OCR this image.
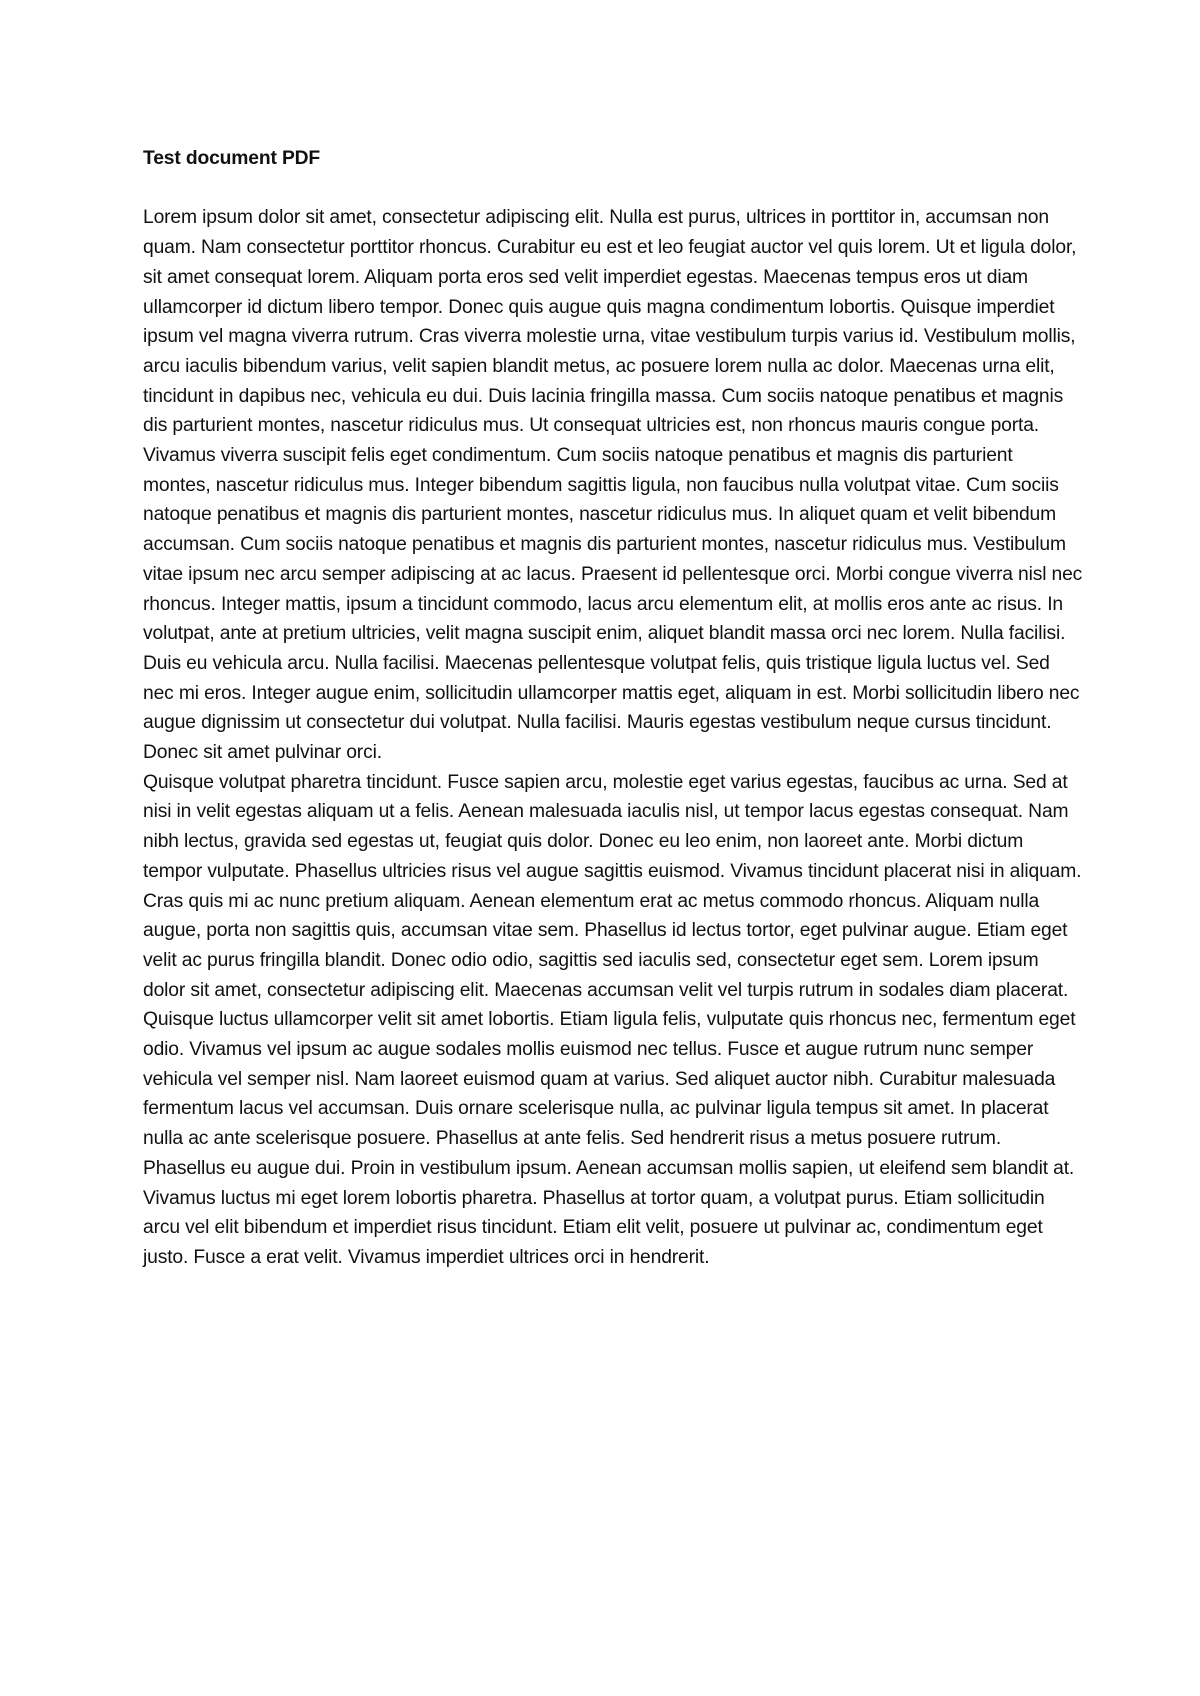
Test document PDF

Lorem ipsum dolor sit amet, consectetur adipiscing elit. Nulla est purus, ultrices in porttitor in, accumsan non quam. Nam consectetur porttitor rhoncus. Curabitur eu est et leo feugiat auctor vel quis lorem. Ut et ligula dolor, sit amet consequat lorem. Aliquam porta eros sed velit imperdiet egestas. Maecenas tempus eros ut diam ullamcorper id dictum libero tempor. Donec quis augue quis magna condimentum lobortis. Quisque imperdiet ipsum vel magna viverra rutrum. Cras viverra molestie urna, vitae vestibulum turpis varius id. Vestibulum mollis, arcu iaculis bibendum varius, velit sapien blandit metus, ac posuere lorem nulla ac dolor. Maecenas urna elit, tincidunt in dapibus nec, vehicula eu dui. Duis lacinia fringilla massa. Cum sociis natoque penatibus et magnis dis parturient montes, nascetur ridiculus mus. Ut consequat ultricies est, non rhoncus mauris congue porta. Vivamus viverra suscipit felis eget condimentum. Cum sociis natoque penatibus et magnis dis parturient montes, nascetur ridiculus mus. Integer bibendum sagittis ligula, non faucibus nulla volutpat vitae. Cum sociis natoque penatibus et magnis dis parturient montes, nascetur ridiculus mus. In aliquet quam et velit bibendum accumsan. Cum sociis natoque penatibus et magnis dis parturient montes, nascetur ridiculus mus. Vestibulum vitae ipsum nec arcu semper adipiscing at ac lacus. Praesent id pellentesque orci. Morbi congue viverra nisl nec rhoncus. Integer mattis, ipsum a tincidunt commodo, lacus arcu elementum elit, at mollis eros ante ac risus. In volutpat, ante at pretium ultricies, velit magna suscipit enim, aliquet blandit massa orci nec lorem. Nulla facilisi. Duis eu vehicula arcu. Nulla facilisi. Maecenas pellentesque volutpat felis, quis tristique ligula luctus vel. Sed nec mi eros. Integer augue enim, sollicitudin ullamcorper mattis eget, aliquam in est. Morbi sollicitudin libero nec augue dignissim ut consectetur dui volutpat. Nulla facilisi. Mauris egestas vestibulum neque cursus tincidunt. Donec sit amet pulvinar orci.

Quisque volutpat pharetra tincidunt. Fusce sapien arcu, molestie eget varius egestas, faucibus ac urna. Sed at nisi in velit egestas aliquam ut a felis. Aenean malesuada iaculis nisl, ut tempor lacus egestas consequat. Nam nibh lectus, gravida sed egestas ut, feugiat quis dolor. Donec eu leo enim, non laoreet ante. Morbi dictum tempor vulputate. Phasellus ultricies risus vel augue sagittis euismod. Vivamus tincidunt placerat nisi in aliquam. Cras quis mi ac nunc pretium aliquam. Aenean elementum erat ac metus commodo rhoncus. Aliquam nulla augue, porta non sagittis quis, accumsan vitae sem. Phasellus id lectus tortor, eget pulvinar augue. Etiam eget velit ac purus fringilla blandit. Donec odio odio, sagittis sed iaculis sed, consectetur eget sem. Lorem ipsum dolor sit amet, consectetur adipiscing elit. Maecenas accumsan velit vel turpis rutrum in sodales diam placerat.

Quisque luctus ullamcorper velit sit amet lobortis. Etiam ligula felis, vulputate quis rhoncus nec, fermentum eget odio. Vivamus vel ipsum ac augue sodales mollis euismod nec tellus. Fusce et augue rutrum nunc semper vehicula vel semper nisl. Nam laoreet euismod quam at varius. Sed aliquet auctor nibh. Curabitur malesuada fermentum lacus vel accumsan. Duis ornare scelerisque nulla, ac pulvinar ligula tempus sit amet. In placerat nulla ac ante scelerisque posuere. Phasellus at ante felis. Sed hendrerit risus a metus posuere rutrum. Phasellus eu augue dui. Proin in vestibulum ipsum. Aenean accumsan mollis sapien, ut eleifend sem blandit at. Vivamus luctus mi eget lorem lobortis pharetra. Phasellus at tortor quam, a volutpat purus. Etiam sollicitudin arcu vel elit bibendum et imperdiet risus tincidunt. Etiam elit velit, posuere ut pulvinar ac, condimentum eget justo. Fusce a erat velit. Vivamus imperdiet ultrices orci in hendrerit.
